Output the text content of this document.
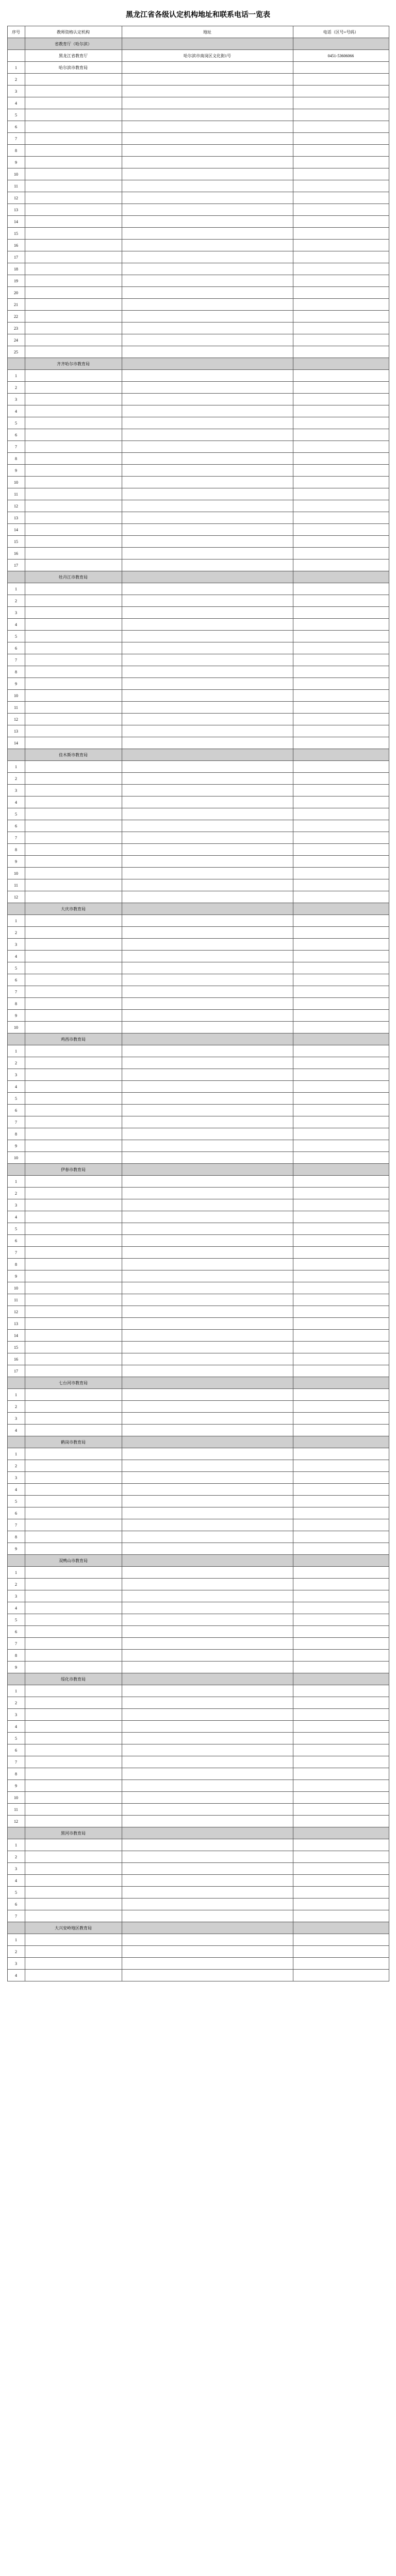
黑龙江省各级认定机构地址和联系电话一览表
序号	教师资格认定机构	地址	电话（区号+号码）
	省教育厅（哈尔滨）		
	黑龙江省教育厅	哈尔滨市南岗区文化街1号	0451-53606066
1	哈尔滨市教育局		
2			
3			
4			
5			
6			
7			
8			
9			
10			
11			
12			
13			
14			
15			
16			
17			
18			
19			
20			
21			
22			
23			
24			
25			
	齐齐哈尔市教育局		
1			
2			
3			
4			
5			
6			
7			
8			
9			
10			
11			
12			
13			
14			
15			
16			
17			
	牡丹江市教育局		
1			
2			
3			
4			
5			
6			
7			
8			
9			
10			
11			
12			
13			
14			
	佳木斯市教育局		
1			
2			
3			
4			
5			
6			
7			
8			
9			
10			
11			
12			
	大庆市教育局		
1			
2			
3			
4			
5			
6			
7			
8			
9			
10			
	鸡西市教育局		
1			
2			
3			
4			
5			
6			
7			
8			
9			
10			
	伊春市教育局		
1			
2			
3			
4			
5			
6			
7			
8			
9			
10			
11			
12			
13			
14			
15			
16			
17			
	七台河市教育局		
1			
2			
3			
4			
	鹤岗市教育局		
1			
2			
3			
4			
5			
6			
7			
8			
9			
	双鸭山市教育局		
1			
2			
3			
4			
5			
6			
7			
8			
9			
	绥化市教育局		
1			
2			
3			
4			
5			
6			
7			
8			
9			
10			
11			
12			
	黑河市教育局		
1			
2			
3			
4			
5			
6			
7			
	大兴安岭地区教育局		
1			
2			
3			
4			
